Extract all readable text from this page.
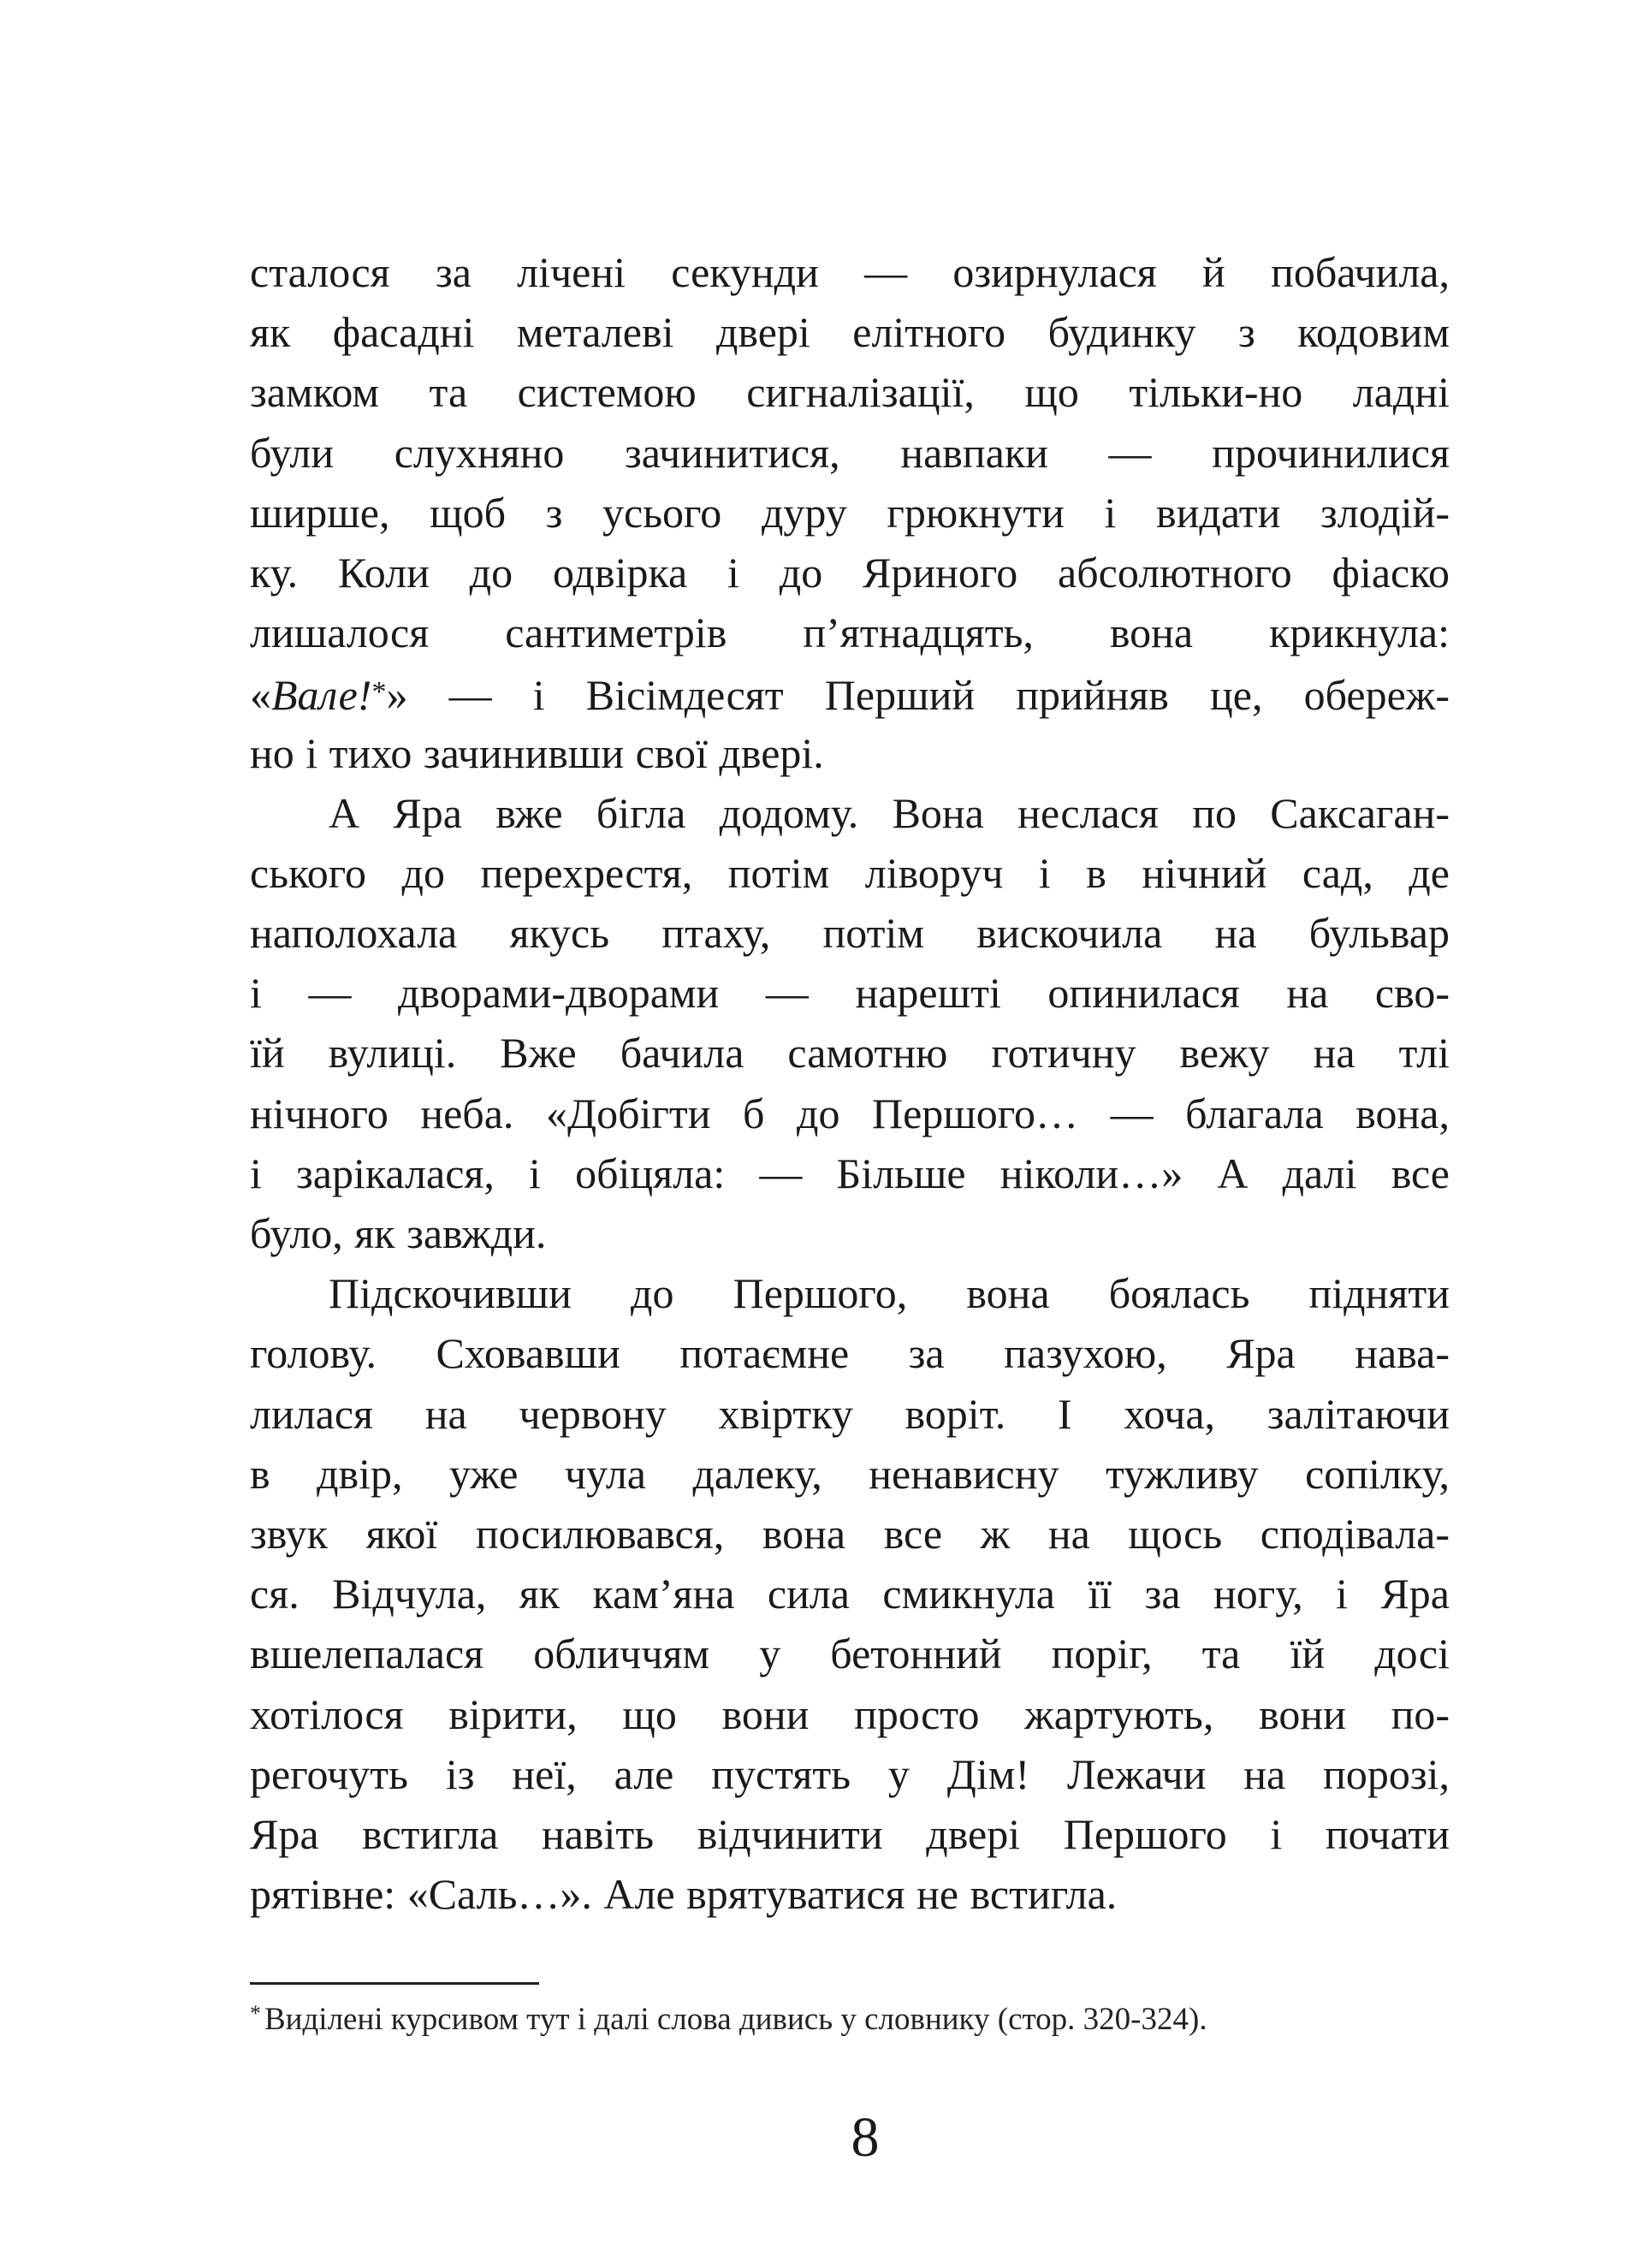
сталося за лічені секунди — озирнулася й побачила,
як фасадні металеві двері елітного будинку з кодовим
замком та системою сигналізації, що тільки-но ладні
були слухняно зачинитися, навпаки — прочинилися
ширше, щоб з усього дуру грюкнути і видати злодій-
ку. Коли до одвірка і до Яриного абсолютного фіаско
лишалося сантиметрів п’ятнадцять, вона крикнула:
«Вале!*» — і Вісімдесят Перший прийняв це, обереж-
но і тихо зачинивши свої двері.
А Яра вже бігла додому. Вона неслася по Саксаган-
ського до перехрестя, потім ліворуч і в нічний сад, де
наполохала якусь птаху, потім вискочила на бульвар
і — дворами-дворами — нарешті опинилася на сво-
їй вулиці. Вже бачила самотню готичну вежу на тлі
нічного неба. «Добігти б до Першого… — благала вона,
і зарікалася, і обіцяла: — Більше ніколи…» А далі все
було, як завжди.
Підскочивши до Першого, вона боялась підняти
голову. Сховавши потаємне за пазухою, Яра нава-
лилася на червону хвіртку воріт. І хоча, залітаючи
в двір, уже чула далеку, ненависну тужливу сопілку,
звук якої посилювався, вона все ж на щось сподівала-
ся. Відчула, як кам’яна сила смикнула її за ногу, і Яра
вшелепалася обличчям у бетонний поріг, та їй досі
хотілося вірити, що вони просто жартують, вони по-
регочуть із неї, але пустять у Дім! Лежачи на порозі,
Яра встигла навіть відчинити двері Першого і почати
рятівне: «Саль…». Але врятуватися не встигла.
* Виділені курсивом тут і далі слова дивись у словнику (стор. 320-324).
8
